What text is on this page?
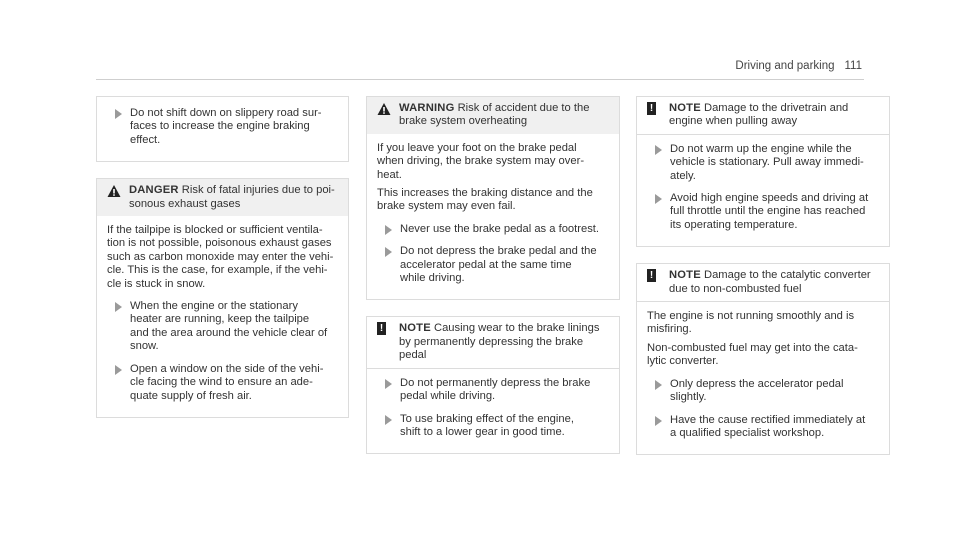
Driving and parking 111
Do not shift down on slippery road sur-
faces to increase the engine braking
effect.
DANGER Risk of fatal injuries due to poi-
sonous exhaust gases

If the tailpipe is blocked or sufficient ventila-
tion is not possible, poisonous exhaust gases
such as carbon monoxide may enter the vehi-
cle. This is the case, for example, if the vehi-
cle is stuck in snow.

When the engine or the stationary
heater are running, keep the tailpipe
and the area around the vehicle clear of
snow.
Open a window on the side of the vehi-
cle facing the wind to ensure an ade-
quate supply of fresh air.
WARNING Risk of accident due to the
brake system overheating

If you leave your foot on the brake pedal
when driving, the brake system may over-
heat.

This increases the braking distance and the
brake system may even fail.

Never use the brake pedal as a footrest.
Do not depress the brake pedal and the
accelerator pedal at the same time
while driving.
!	NOTE Causing wear to the brake linings
by permanently depressing the brake
pedal
Do not permanently depress the brake
pedal while driving.
To use braking effect of the engine,
shift to a lower gear in good time.
!	NOTE Damage to the drivetrain and
engine when pulling away
Do not warm up the engine while the
vehicle is stationary. Pull away immedi-
ately.
Avoid high engine speeds and driving at
full throttle until the engine has reached
its operating temperature.
!	NOTE Damage to the catalytic converter
due to non-combusted fuel

The engine is not running smoothly and is
misfiring.

Non-combusted fuel may get into the cata-
lytic converter.

Only depress the accelerator pedal
slightly.
Have the cause rectified immediately at
a qualified specialist workshop.
